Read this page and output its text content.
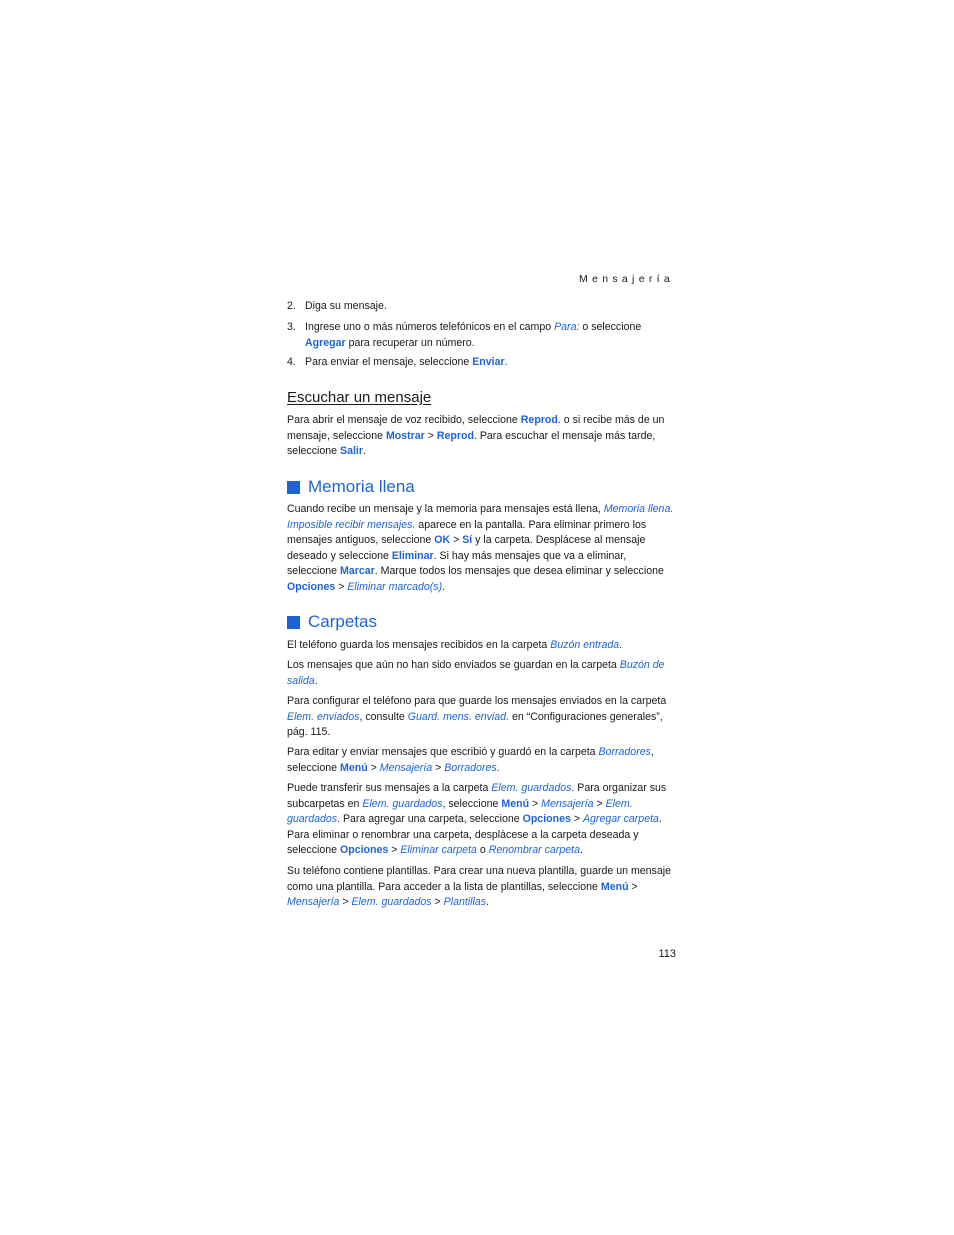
Mensajería
2. Diga su mensaje.
3. Ingrese uno o más números telefónicos en el campo Para: o seleccione Agregar para recuperar un número.
4. Para enviar el mensaje, seleccione Enviar.
Escuchar un mensaje
Para abrir el mensaje de voz recibido, seleccione Reprod. o si recibe más de un mensaje, seleccione Mostrar > Reprod. Para escuchar el mensaje más tarde, seleccione Salir.
Memoria llena
Cuando recibe un mensaje y la memoria para mensajes está llena, Memoria llena. Imposible recibir mensajes. aparece en la pantalla. Para eliminar primero los mensajes antiguos, seleccione OK > Sí y la carpeta. Desplácese al mensaje deseado y seleccione Eliminar. Si hay más mensajes que va a eliminar, seleccione Marcar. Marque todos los mensajes que desea eliminar y seleccione Opciones > Eliminar marcado(s).
Carpetas
El teléfono guarda los mensajes recibidos en la carpeta Buzón entrada.
Los mensajes que aún no han sido enviados se guardan en la carpeta Buzón de salida.
Para configurar el teléfono para que guarde los mensajes enviados en la carpeta Elem. enviados, consulte Guard. mens. enviad. en “Configuraciones generales”, pág. 115.
Para editar y enviar mensajes que escribió y guardó en la carpeta Borradores, seleccione Menú > Mensajería > Borradores.
Puede transferir sus mensajes a la carpeta Elem. guardados. Para organizar sus subcarpetas en Elem. guardados, seleccione Menú > Mensajería > Elem. guardados. Para agregar una carpeta, seleccione Opciones > Agregar carpeta. Para eliminar o renombrar una carpeta, desplácese a la carpeta deseada y seleccione Opciones > Eliminar carpeta o Renombrar carpeta.
Su teléfono contiene plantillas. Para crear una nueva plantilla, guarde un mensaje como una plantilla. Para acceder a la lista de plantillas, seleccione Menú > Mensajería > Elem. guardados > Plantillas.
113
